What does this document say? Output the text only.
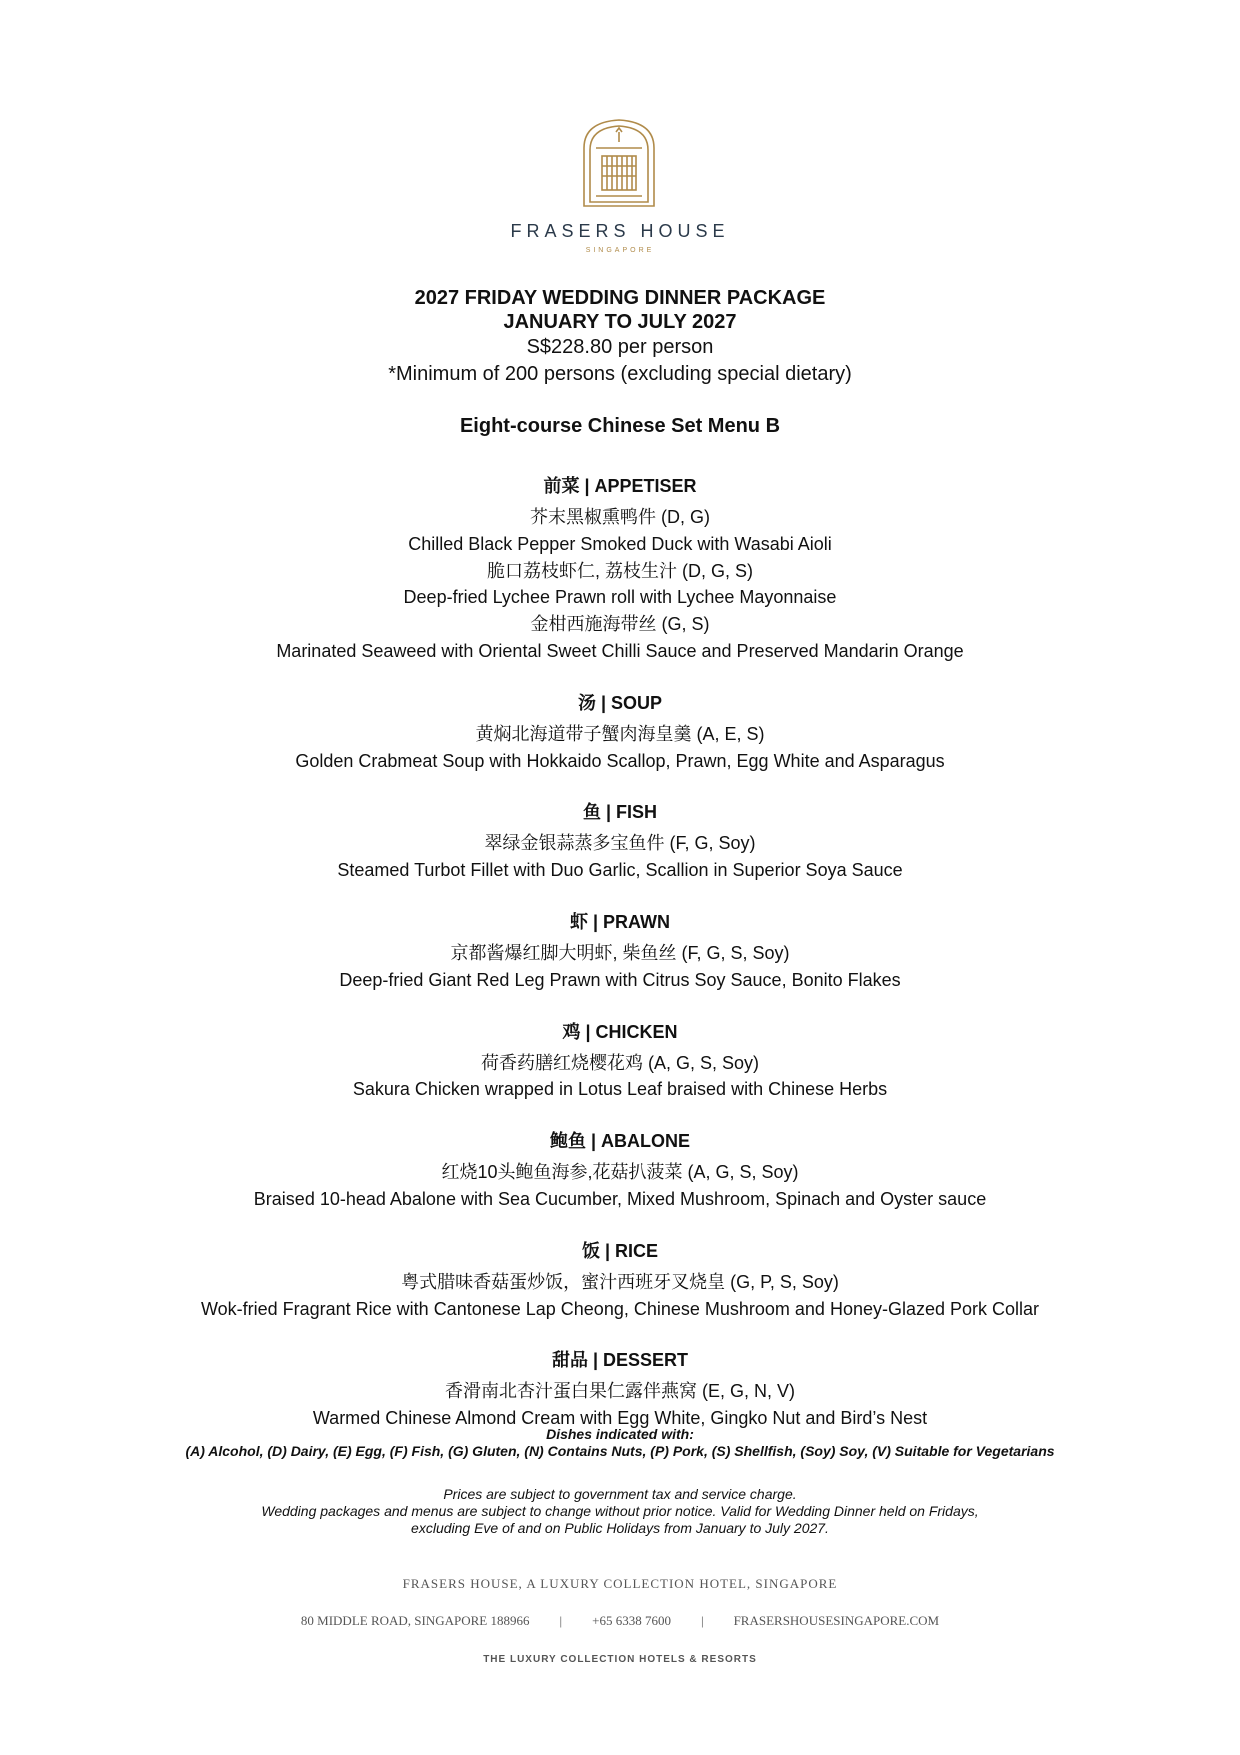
FRASERS HOUSE
SINGAPORE

2027 FRIDAY WEDDING DINNER PACKAGE

JANUARY TO JULY 2027

S$228.80 per person

*Minimum of 200 persons (excluding special dietary)

Eight-course Chinese Set Menu B
前菜 | APPETISER
芥末黑椒熏鸭件 (D, G)
Chilled Black Pepper Smoked Duck with Wasabi Aioli
脆口荔枝虾仁, 荔枝生汁 (D, G, S)
Deep-fried Lychee Prawn roll with Lychee Mayonnaise
金柑西施海带丝 (G, S)
Marinated Seaweed with Oriental Sweet Chilli Sauce and Preserved Mandarin Orange
汤 | SOUP
黄焖北海道带子蟹肉海皇羹 (A, E, S)
Golden Crabmeat Soup with Hokkaido Scallop, Prawn, Egg White and Asparagus
鱼 | FISH
翠绿金银蒜蒸多宝鱼件 (F, G, Soy)
Steamed Turbot Fillet with Duo Garlic, Scallion in Superior Soya Sauce
虾 | PRAWN
京都酱爆红脚大明虾, 柴鱼丝 (F, G, S, Soy)
Deep-fried Giant Red Leg Prawn with Citrus Soy Sauce, Bonito Flakes
鸡 | CHICKEN
荷香药膳红烧樱花鸡 (A, G, S, Soy)
Sakura Chicken wrapped in Lotus Leaf braised with Chinese Herbs
鲍鱼 | ABALONE
红烧10头鲍鱼海参,花菇扒菠菜 (A, G, S, Soy)
Braised 10-head Abalone with Sea Cucumber, Mixed Mushroom, Spinach and Oyster sauce
饭 | RICE
粤式腊味香菇蛋炒饭，蜜汁西班牙叉烧皇 (G, P, S, Soy)
Wok-fried Fragrant Rice with Cantonese Lap Cheong, Chinese Mushroom and Honey-Glazed Pork Collar
甜品 | DESSERT
香滑南北杏汁蛋白果仁露伴燕窝 (E, G, N, V)
Warmed Chinese Almond Cream with Egg White, Gingko Nut and Bird’s Nest
Dishes indicated with:
(A) Alcohol, (D) Dairy, (E) Egg, (F) Fish, (G) Gluten, (N) Contains Nuts, (P) Pork, (S) Shellfish, (Soy) Soy, (V) Suitable for Vegetarians
Prices are subject to government tax and service charge.
Wedding packages and menus are subject to change without prior notice. Valid for Wedding Dinner held on Fridays,
excluding Eve of and on Public Holidays from January to July 2027.
FRASERS HOUSE, A LUXURY COLLECTION HOTEL, SINGAPORE
80 MIDDLE ROAD, SINGAPORE 188966 | +65 6338 7600 | FRASERSHOUSESINGAPORE.COM
THE LUXURY COLLECTION HOTELS & RESORTS
